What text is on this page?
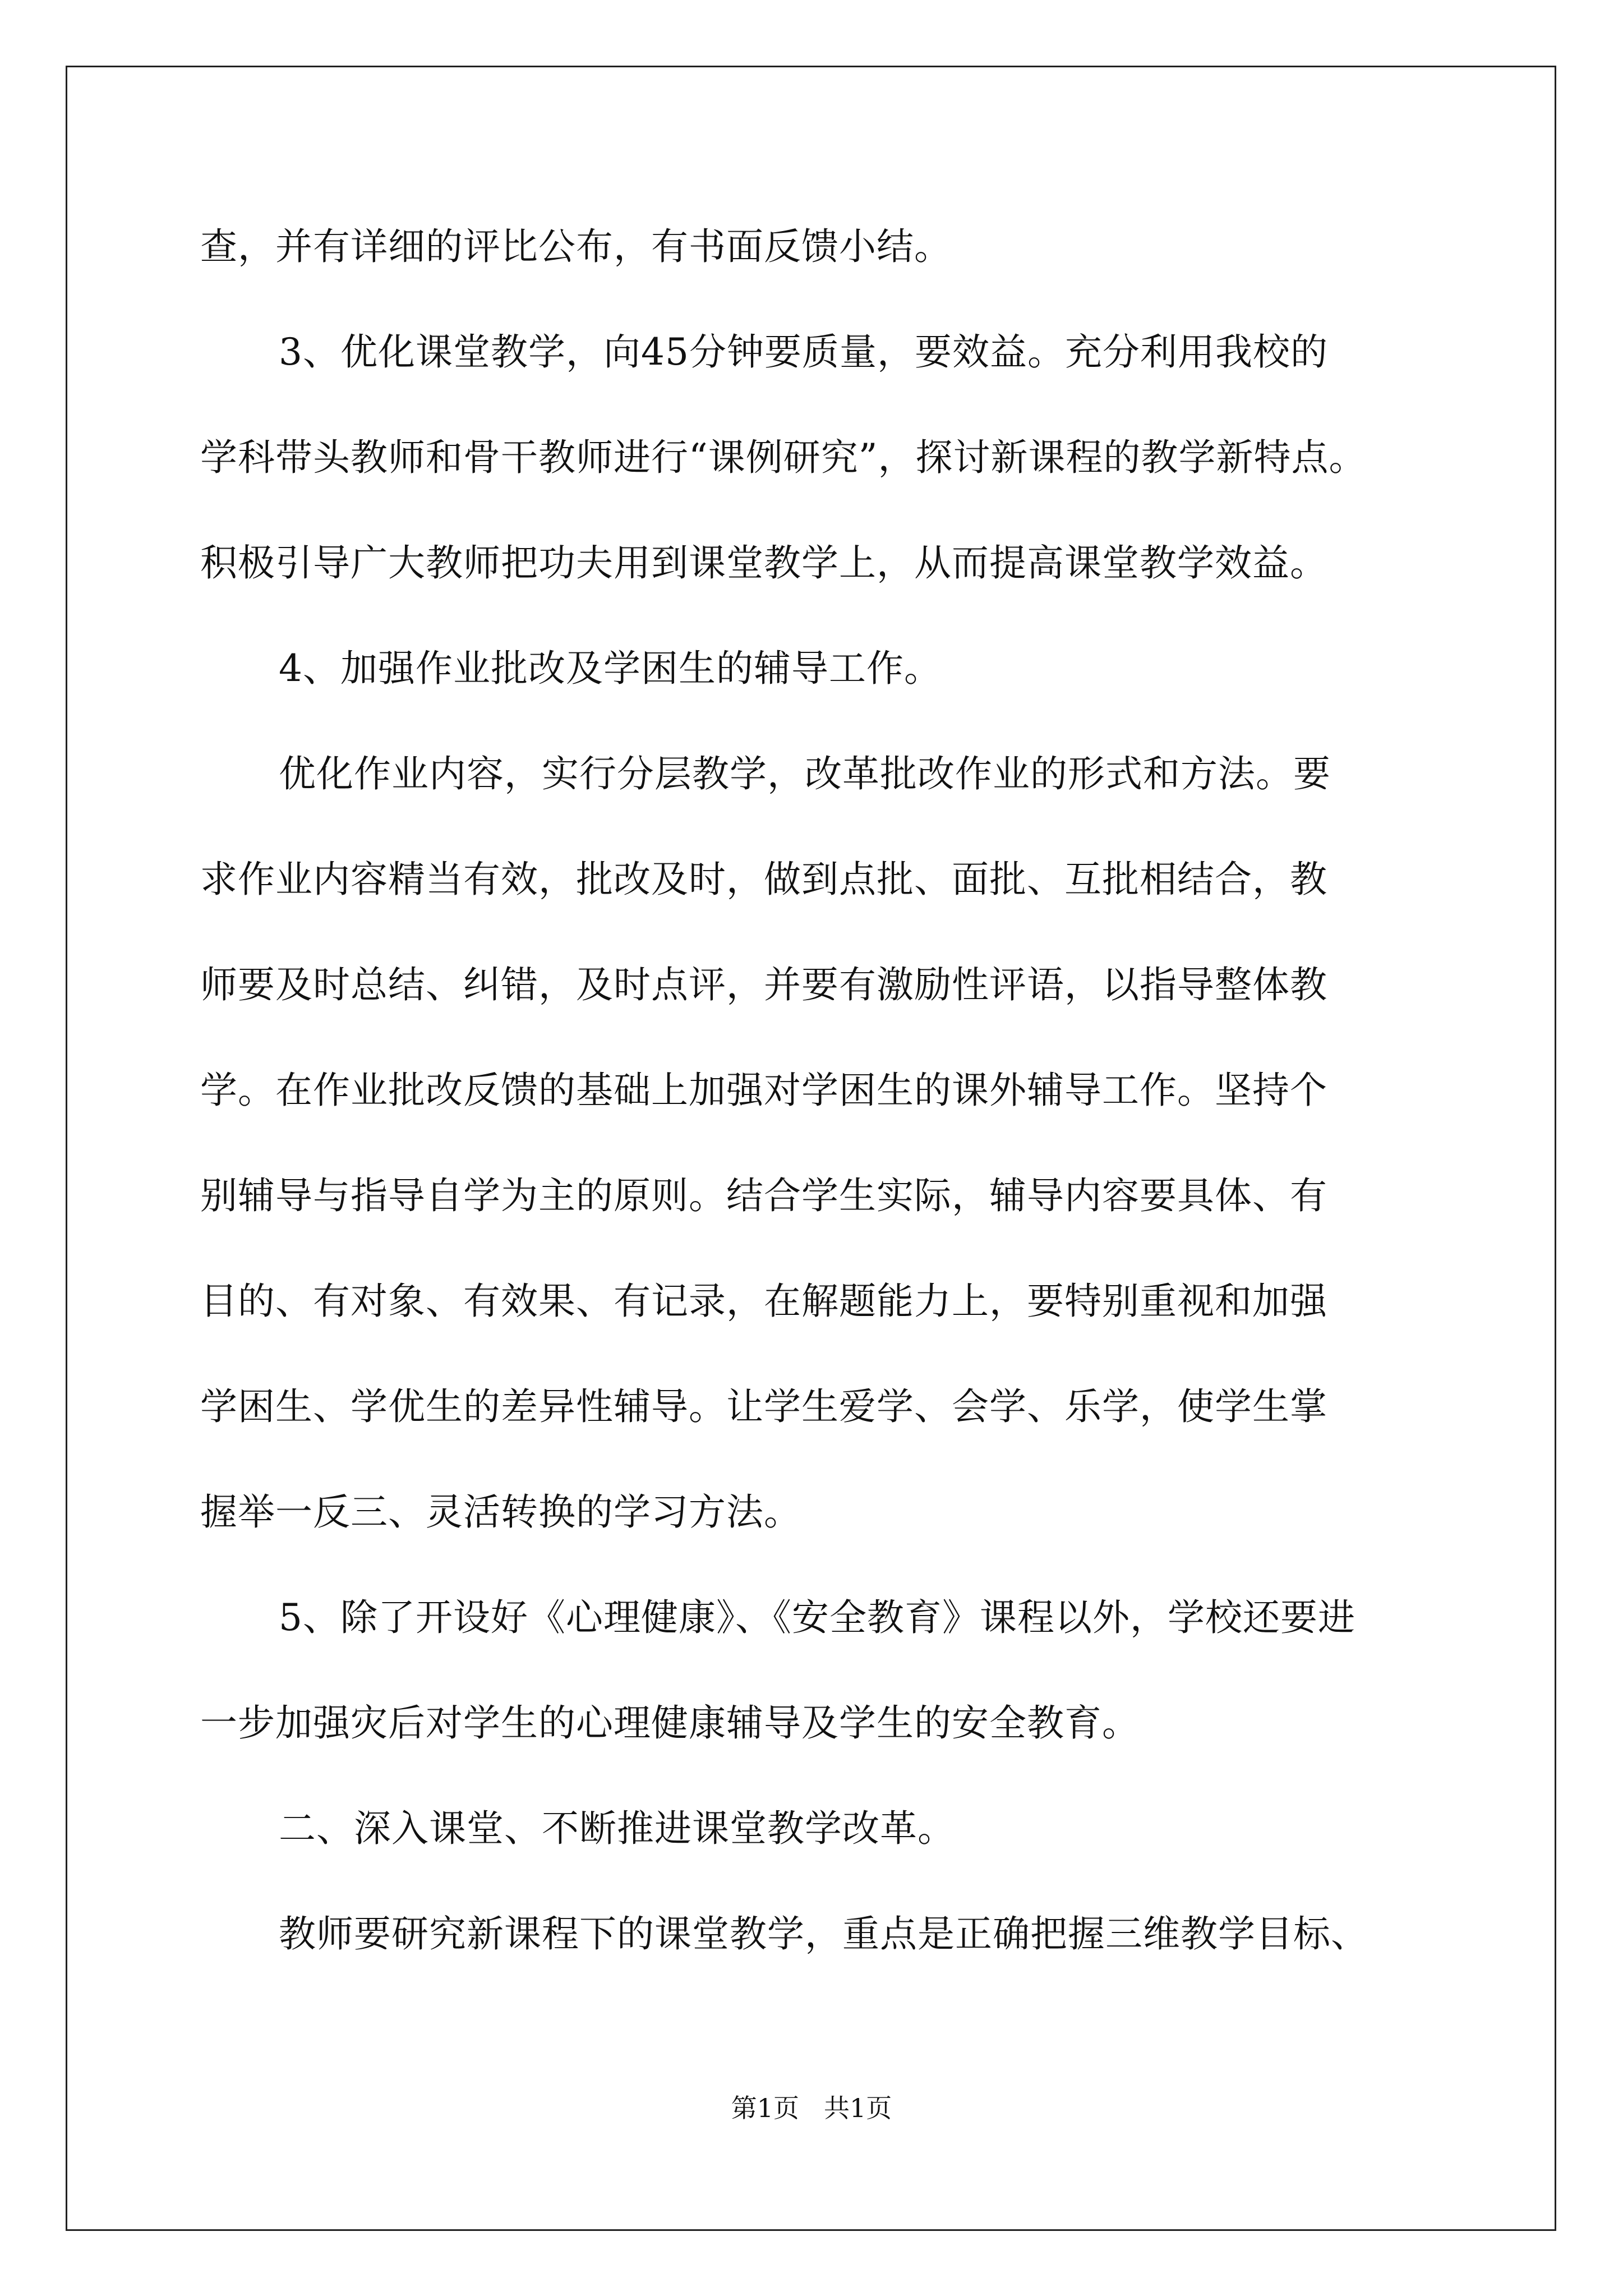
查，并有详细的评比公布，有书面反馈小结。
3、优化课堂教学，向45分钟要质量，要效益。充分利用我校的
学科带头教师和骨干教师进行“课例研究”，探讨新课程的教学新特点。
积极引导广大教师把功夫用到课堂教学上，从而提高课堂教学效益。
4、加强作业批改及学困生的辅导工作。
优化作业内容，实行分层教学，改革批改作业的形式和方法。要
求作业内容精当有效，批改及时，做到点批、面批、互批相结合，教
师要及时总结、纠错，及时点评，并要有激励性评语，以指导整体教
学。在作业批改反馈的基础上加强对学困生的课外辅导工作。坚持个
别辅导与指导自学为主的原则。结合学生实际，辅导内容要具体、有
目的、有对象、有效果、有记录，在解题能力上，要特别重视和加强
学困生、学优生的差异性辅导。让学生爱学、会学、乐学，使学生掌
握举一反三、灵活转换的学习方法。
5、除了开设好《心理健康》、《安全教育》课程以外，学校还要进
一步加强灾后对学生的心理健康辅导及学生的安全教育。
二、深入课堂、不断推进课堂教学改革。
教师要研究新课程下的课堂教学，重点是正确把握三维教学目标、
第1页 共1页
